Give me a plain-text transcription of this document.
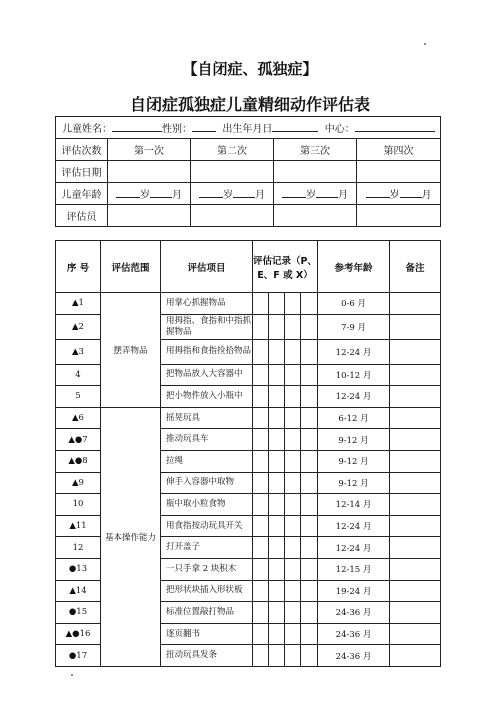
【自闭症、孤独症】
自闭症孤独症儿童精细动作评估表
儿童姓名： 性别： 出生年月日 中心：				
评估次数	第一次	第二次	第三次	第四次
评估日期				
儿童年龄	岁 月	岁 月	岁 月	岁 月
评估员				
序 号	评估范围	评估项目	评估记录（P、E、F 或 X）				参考年龄	备注
▲1	摆弄物品	用掌心抓握物品					0-6 月	
▲2		用拇指、食指和中指抓握物品					7-9 月	
▲3		用拇指和食指捡拾物品					12-24 月	
4		把物品放入大容器中					10-12 月	
5		把小物件放入小瓶中					12-24 月	
▲6	基本操作能力	摇晃玩具					6-12 月	
▲●7		推动玩具车					9-12 月	
▲●8		拉绳					9-12 月	
▲9		伸手入容器中取物					9-12 月	
10		瓶中取小粒食物					12-14 月	
▲11		用食指按动玩具开关					12-24 月	
12		打开盖子					12-24 月	
●13		一只手拿 2 块积木					12-15 月	
▲14		把形状块插入形状板					19-24 月	
●15		标准位置敲打物品					24-36 月	
▲●16		逐页翻书					24-36 月	
●17		扭动玩具发条					24-36 月	
